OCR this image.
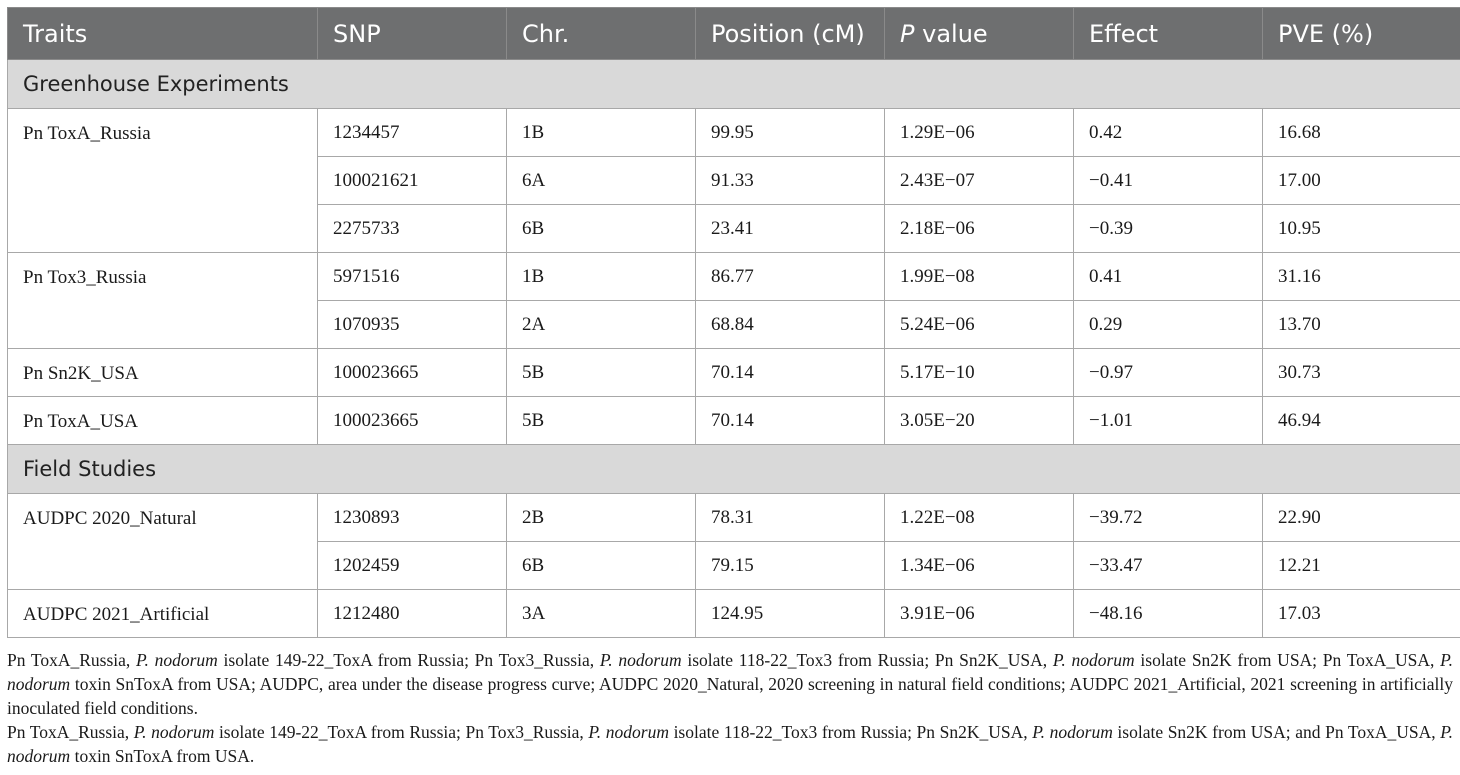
Traits	SNP	Chr.	Position (cM)	P value	Effect	PVE (%)
Greenhouse Experiments						
Pn ToxA_Russia	1234457	1B	99.95	1.29E−06	0.42	16.68
	100021621	6A	91.33	2.43E−07	−0.41	17.00
	2275733	6B	23.41	2.18E−06	−0.39	10.95
Pn Tox3_Russia	5971516	1B	86.77	1.99E−08	0.41	31.16
	1070935	2A	68.84	5.24E−06	0.29	13.70
Pn Sn2K_USA	100023665	5B	70.14	5.17E−10	−0.97	30.73
Pn ToxA_USA	100023665	5B	70.14	3.05E−20	−1.01	46.94
Field Studies						
AUDPC 2020_Natural	1230893	2B	78.31	1.22E−08	−39.72	22.90
	1202459	6B	79.15	1.34E−06	−33.47	12.21
AUDPC 2021_Artificial	1212480	3A	124.95	3.91E−06	−48.16	17.03

Pn ToxA_Russia, P. nodorum isolate 149-22_ToxA from Russia; Pn Tox3_Russia, P. nodorum isolate 118-22_Tox3 from Russia; Pn Sn2K_USA, P. nodorum isolate Sn2K from USA; Pn ToxA_USA, P. nodorum toxin SnToxA from USA; AUDPC, area under the disease progress curve; AUDPC 2020_Natural, 2020 screening in natural field conditions; AUDPC 2021_Artificial, 2021 screening in artificially inoculated field conditions.

Pn ToxA_Russia, P. nodorum isolate 149-22_ToxA from Russia; Pn Tox3_Russia, P. nodorum isolate 118-22_Tox3 from Russia; Pn Sn2K_USA, P. nodorum isolate Sn2K from USA; and Pn ToxA_USA, P. nodorum toxin SnToxA from USA.
